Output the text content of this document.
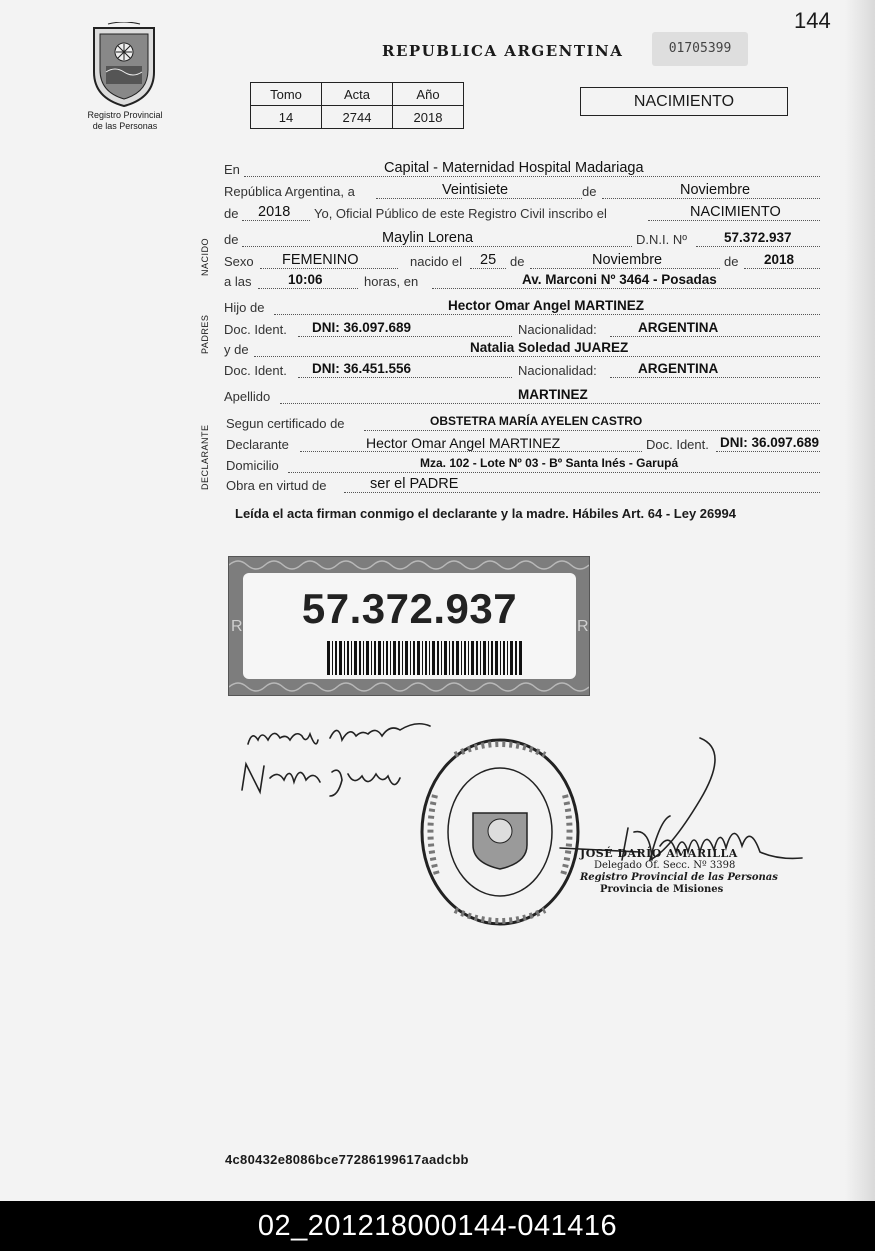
144
Registro Provincial
de las Personas
REPUBLICA ARGENTINA	01705399
Tomo	Acta	Año
14	2744	2018
NACIMIENTO
NACIDO
PADRES
DECLARANTE
En	Capital - Maternidad Hospital Madariaga
República Argentina, a	Veintisiete	de	Noviembre
de 2018 Yo, Oficial Público de este Registro Civil inscribo el	NACIMIENTO
de	Maylin Lorena	D.N.I. Nº	57.372.937
Sexo FEMENINO	nacido el 25 de	Noviembre	de 2018
a las	10:06	horas, en	Av. Marconi Nº 3464 - Posadas
Hijo de	Hector Omar Angel MARTINEZ
Doc. Ident. DNI: 36.097.689	Nacionalidad:	ARGENTINA
y de	Natalia Soledad JUAREZ
Doc. Ident. DNI: 36.451.556	Nacionalidad:	ARGENTINA
Apellido	MARTINEZ
Segun certificado de	OBSTETRA MARÍA AYELEN CASTRO
Declarante	Hector Omar Angel MARTINEZ	Doc. Ident. DNI: 36.097.689
Domicilio	Mza. 102 - Lote Nº 03 - Bº Santa Inés - Garupá
Obra en virtud de	ser el PADRE
Leída el acta firman conmigo el declarante y la madre. Hábiles Art. 64 - Ley 26994
R	R
57.372.937
JOSÉ DARÍO AMARILLA
Delegado Of. Secc. Nº 3398
Registro Provincial de las Personas
Provincia de Misiones
4c80432e8086bce77286199617aadcbb
02_201218000144-041416
